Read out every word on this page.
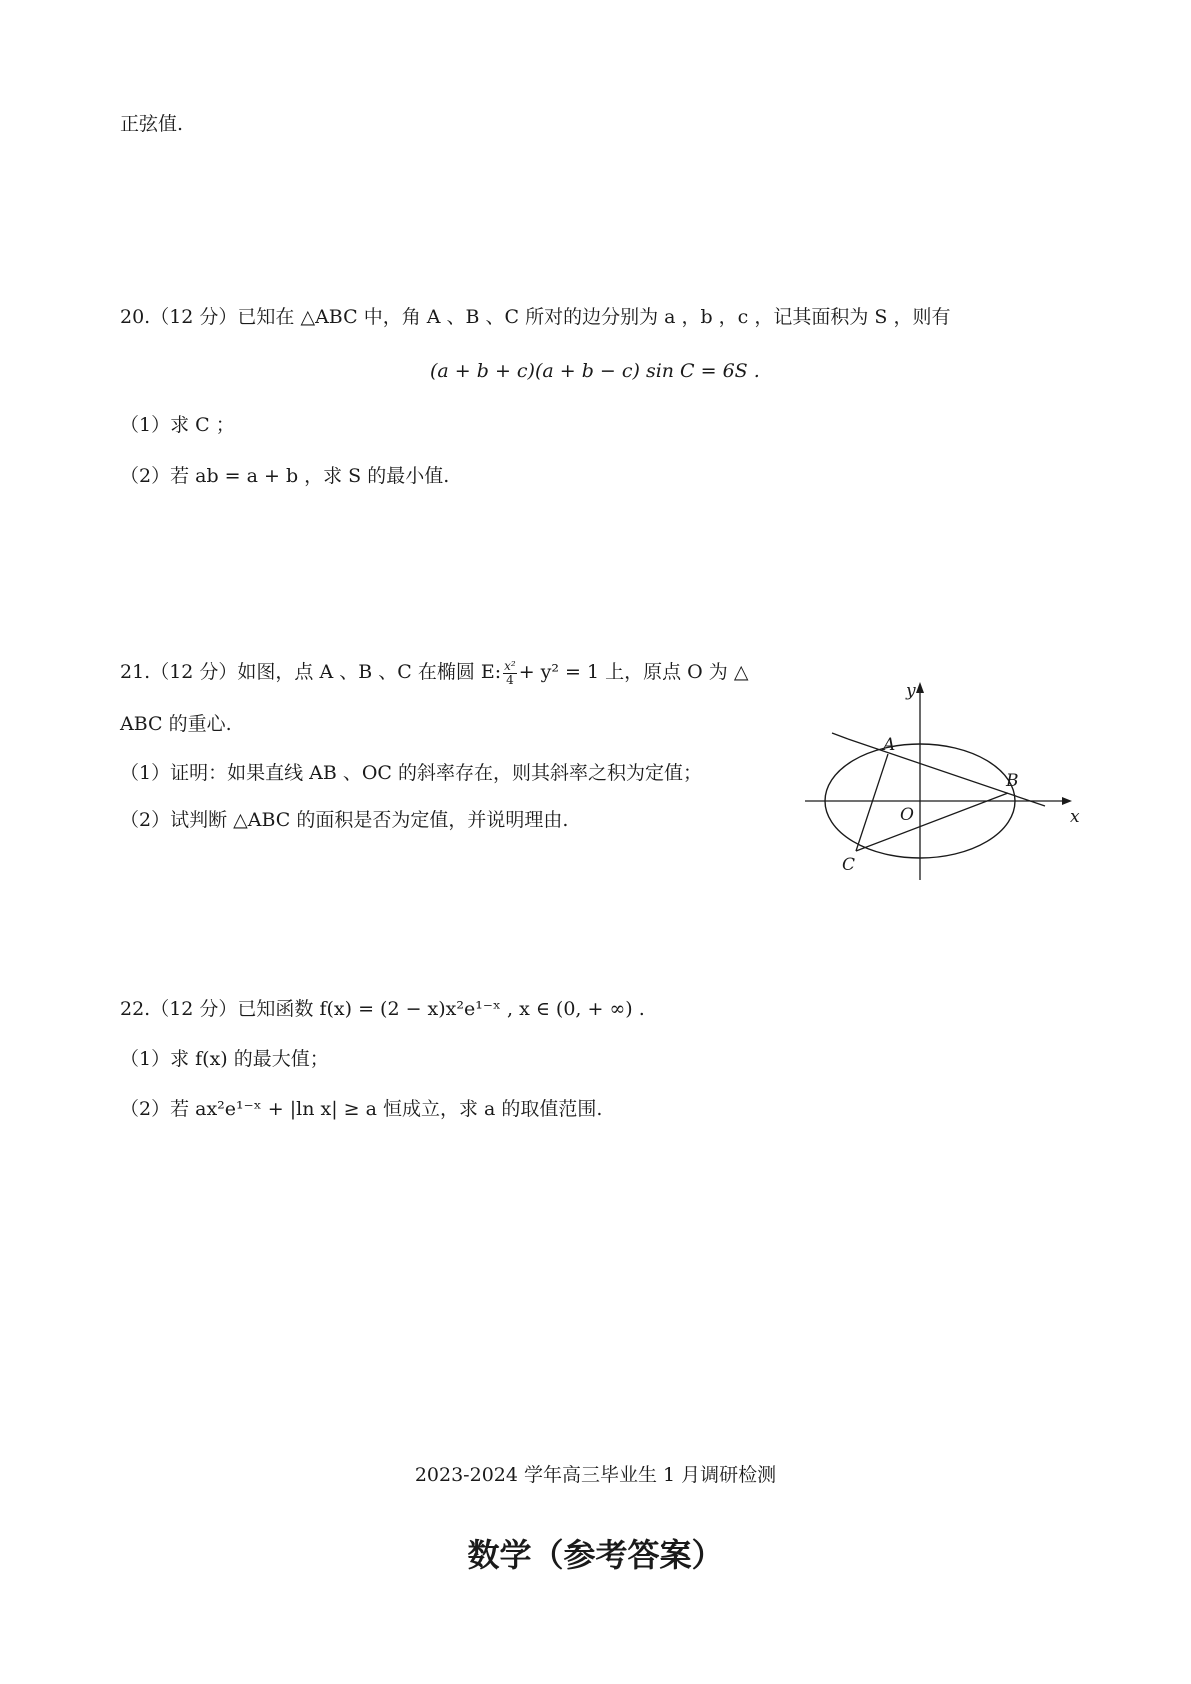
正弦值.
20.（12 分）已知在 △ABC 中，角 A 、B 、C 所对的边分别为 a ，b ，c ，记其面积为 S ，则有
(a + b + c)(a + b − c) sin C = 6S .
（1）求 C ；
（2）若 ab = a + b ，求 S 的最小值.
21.（12 分）如图，点 A 、B 、C 在椭圆 E: $\frac{\text{x²}}{4} + y^2 = 1$ 上，原点 O 为 △
ABC 的重心.
（1）证明：如果直线 AB 、OC 的斜率存在，则其斜率之积为定值；
（2）试判断 △ABC 的面积是否为定值，并说明理由.
y
x
O
A
B
C
22.（12 分）已知函数 f(x) = (2 − x)x²e¹⁻ˣ , x ∈ (0, + ∞) .
（1）求 f(x) 的最大值；
（2）若 ax²e¹⁻ˣ + |ln x| ≥ a 恒成立，求 a 的取值范围.
2023-2024 学年高三毕业生 1 月调研检测
数学（参考答案）
